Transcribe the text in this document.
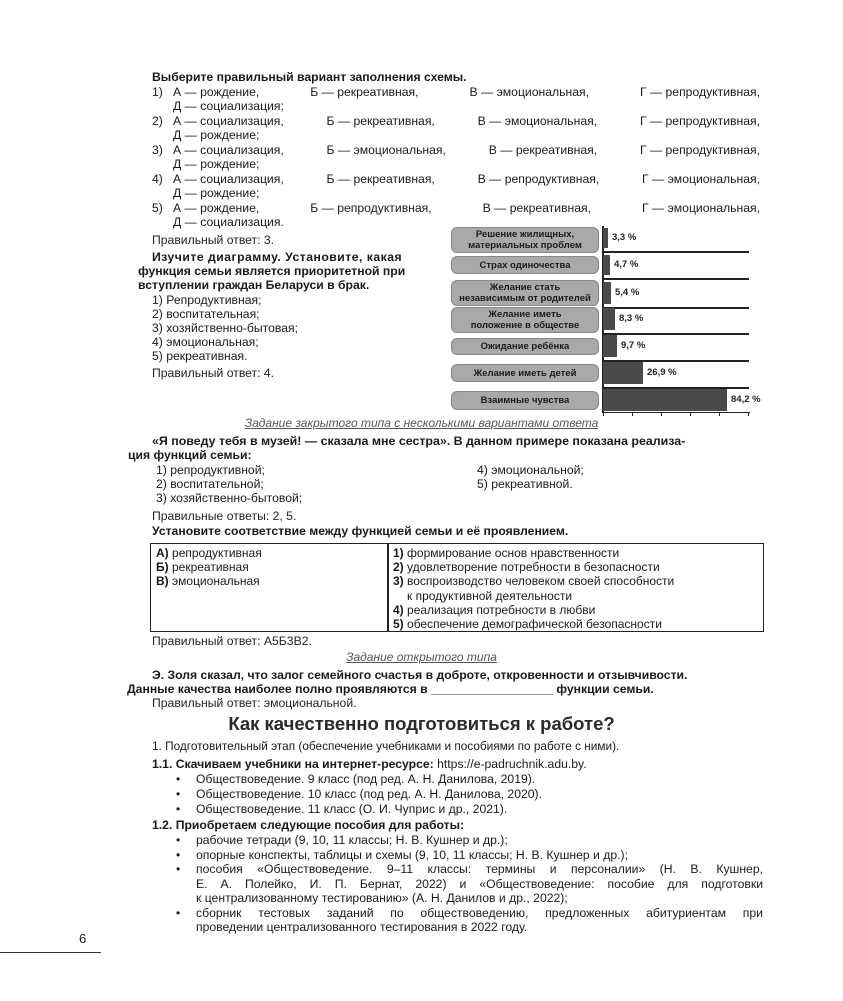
Выберите правильный вариант заполнения схемы.
1) А — рождение,	Б — рекреативная,	В — эмоциональная,	Г — репродуктивная,
Д — социализация;
2) А — социализация,	Б — рекреативная,	В — эмоциональная,	Г — репродуктивная,
Д — рождение;
3) А — социализация,	Б — эмоциональная,	В — рекреативная,	Г — репродуктивная,
Д — рождение;
4) А — социализация,	Б — рекреативная,	В — репродуктивная,	Г — эмоциональная,
Д — рождение;
5) А — рождение,	Б — репродуктивная,	В — рекреативная,	Г — эмоциональная,
Д — социализация.
Правильный ответ: 3.
Изучите диаграмму. Установите, какая
функция семьи является приоритетной при
вступлении граждан Беларуси в брак.
1) Репродуктивная;
2) воспитательная;
3) хозяйственно-бытовая;
4) эмоциональная;
5) рекреативная.
Правильный ответ: 4.
Решение жилищных,
материальных проблем
3,3 %
Страх одиночества	4,7 %
Желание стать
независимым от родителей
5,4 %
Желание иметь
положение в обществе
8,3 %
Ожидание ребёнка	9,7 %
Желание иметь детей	26,9 %
Взаимные чувства	84,2 %
Задание закрытого типа с несколькими вариантами ответа
«Я поведу тебя в музей! — сказала мне сестра». В данном примере показана реализа-
ция функций семьи:
1) репродуктивной;
2) воспитательной;
3) хозяйственно-бытовой;
4) эмоциональной;
5) рекреативной.
Правильные ответы: 2, 5.
Установите соответствие между функцией семьи и её проявлением.
А) репродуктивная
Б) рекреативная
В) эмоциональная
1) формирование основ нравственности
2) удовлетворение потребности в безопасности
3) воспроизводство человеком своей способности
к продуктивной деятельности
4) реализация потребности в любви
5) обеспечение демографической безопасности
Правильный ответ: А5Б3В2.
Задание открытого типа
Э. Золя сказал, что залог семейного счастья в доброте, откровенности и отзывчивости.
Данные качества наиболее полно проявляются в __________________ функции семьи.
Правильный ответ: эмоциональной.
Как качественно подготовиться к работе?
1. Подготовительный этап (обеспечение учебниками и пособиями по работе с ними).
1.1. Скачиваем учебники на интернет-ресурсе: https://e-padruchnik.adu.by.
• Обществоведение. 9 класс (под ред. А. Н. Данилова, 2019).
• Обществоведение. 10 класс (под ред. А. Н. Данилова, 2020).
• Обществоведение. 11 класс (О. И. Чуприс и др., 2021).
1.2. Приобретаем следующие пособия для работы:
• рабочие тетради (9, 10, 11 классы; Н. В. Кушнер и др.);
• опорные конспекты, таблицы и схемы (9, 10, 11 классы; Н. В. Кушнер и др.);
• пособия «Обществоведение. 9–11 классы: термины и персоналии» (Н. В. Кушнер,
Е. А. Полейко, И. П. Бернат, 2022) и «Обществоведение: пособие для подготовки
к централизованному тестированию» (А. Н. Данилов и др., 2022);
• сборник тестовых заданий по обществоведению, предложенных абитуриентам при
проведении централизованного тестирования в 2022 году.
6
